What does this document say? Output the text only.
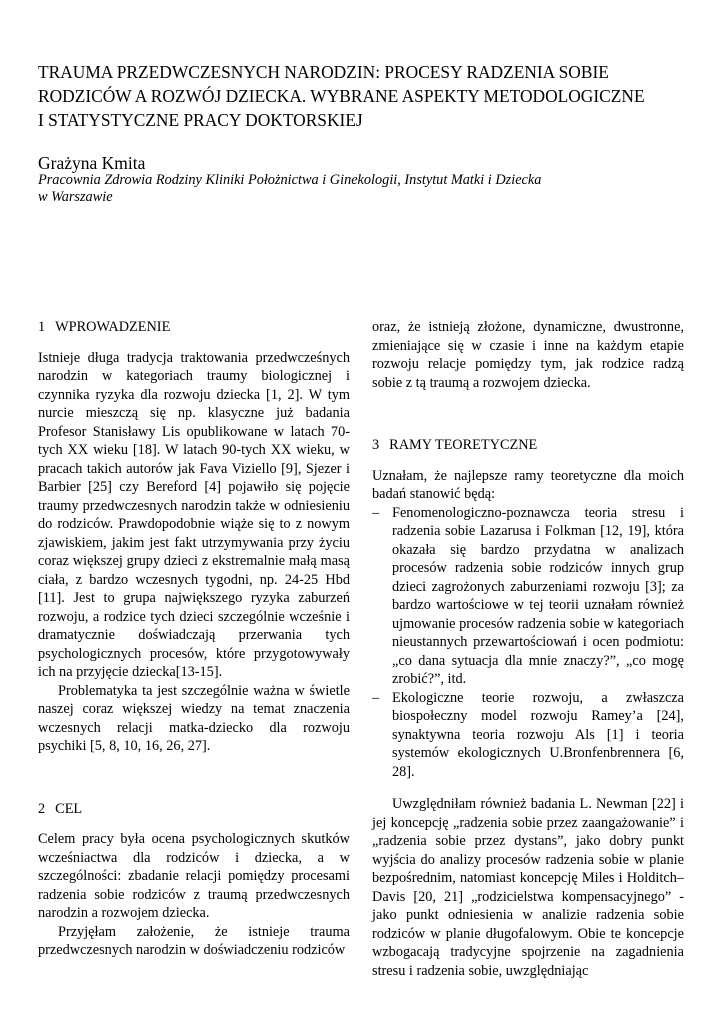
TRAUMA PRZEDWCZESNYCH NARODZIN: PROCESY RADZENIA SOBIE
RODZICÓW A ROZWÓJ DZIECKA. WYBRANE ASPEKTY METODOLOGICZNE
I STATYSTYCZNE PRACY DOKTORSKIEJ

Grażyna Kmita

Pracownia Zdrowia Rodziny Kliniki Położnictwa i Ginekologii, Instytut Matki i Dziecka
w Warszawie

1 WPROWADZENIE

Istnieje długa tradycja traktowania przedwcześnych narodzin w kategoriach traumy biologicznej i czynnika ryzyka dla rozwoju dziecka [1, 2]. W tym nurcie mieszczą się np. klasyczne już badania Profesor Stanisławy Lis opublikowane w latach 70-tych XX wieku [18]. W latach 90-tych XX wieku, w pracach takich autorów jak Fava Viziello [9], Sjezer i Barbier [25] czy Bereford [4] pojawiło się pojęcie traumy przedwczesnych narodzin także w odniesieniu do rodziców. Prawdopodobnie wiąże się to z nowym zjawiskiem, jakim jest fakt utrzymywania przy życiu coraz większej grupy dzieci z ekstremalnie małą masą ciała, z bardzo wczesnych tygodni, np. 24-25 Hbd [11]. Jest to grupa największego ryzyka zaburzeń rozwoju, a rodzice tych dzieci szczególnie wcześnie i dramatycznie doświadczają przerwania tych psychologicznych procesów, które przygotowywały ich na przyjęcie dziecka[13-15].

Problematyka ta jest szczególnie ważna w świetle naszej coraz większej wiedzy na temat znaczenia wczesnych relacji matka-dziecko dla rozwoju psychiki [5, 8, 10, 16, 26, 27].

2 CEL

Celem pracy była ocena psychologicznych skutków wcześniactwa dla rodziców i dziecka, a w szczególności: zbadanie relacji pomiędzy procesami radzenia sobie rodziców z traumą przedwczesnych narodzin a rozwojem dziecka.

Przyjęłam założenie, że istnieje trauma przedwczesnych narodzin w doświadczeniu rodziców

oraz, że istnieją złożone, dynamiczne, dwustronne, zmieniające się w czasie i inne na każdym etapie rozwoju relacje pomiędzy tym, jak rodzice radzą sobie z tą traumą a rozwojem dziecka.

3 RAMY TEORETYCZNE

Uznałam, że najlepsze ramy teoretyczne dla moich badań stanowić będą:

– Fenomenologiczno-poznawcza teoria stresu i radzenia sobie Lazarusa i Folkman [12, 19], która okazała się bardzo przydatna w analizach procesów radzenia sobie rodziców innych grup dzieci zagrożonych zaburzeniami rozwoju [3]; za bardzo wartościowe w tej teorii uznałam również ujmowanie procesów radzenia sobie w kategoriach nieustannych przewartościowań i ocen podmiotu: „co dana sytuacja dla mnie znaczy?”, „co mogę zrobić?”, itd.
– Ekologiczne teorie rozwoju, a zwłaszcza biospołeczny model rozwoju Ramey’a [24], synaktywna teoria rozwoju Als [1] i teoria systemów ekologicznych U.Bronfenbrennera [6, 28].

Uwzględniłam również badania L. Newman [22] i jej koncepcję „radzenia sobie przez zaangażowanie” i „radzenia sobie przez dystans”, jako dobry punkt wyjścia do analizy procesów radzenia sobie w planie bezpośrednim, natomiast koncepcję Miles i Holditch–Davis [20, 21] „rodzicielstwa kompensacyjnego” - jako punkt odniesienia w analizie radzenia sobie rodziców w planie długofalowym. Obie te koncepcje wzbogacają tradycyjne spojrzenie na zagadnienia stresu i radzenia sobie, uwzględniając
